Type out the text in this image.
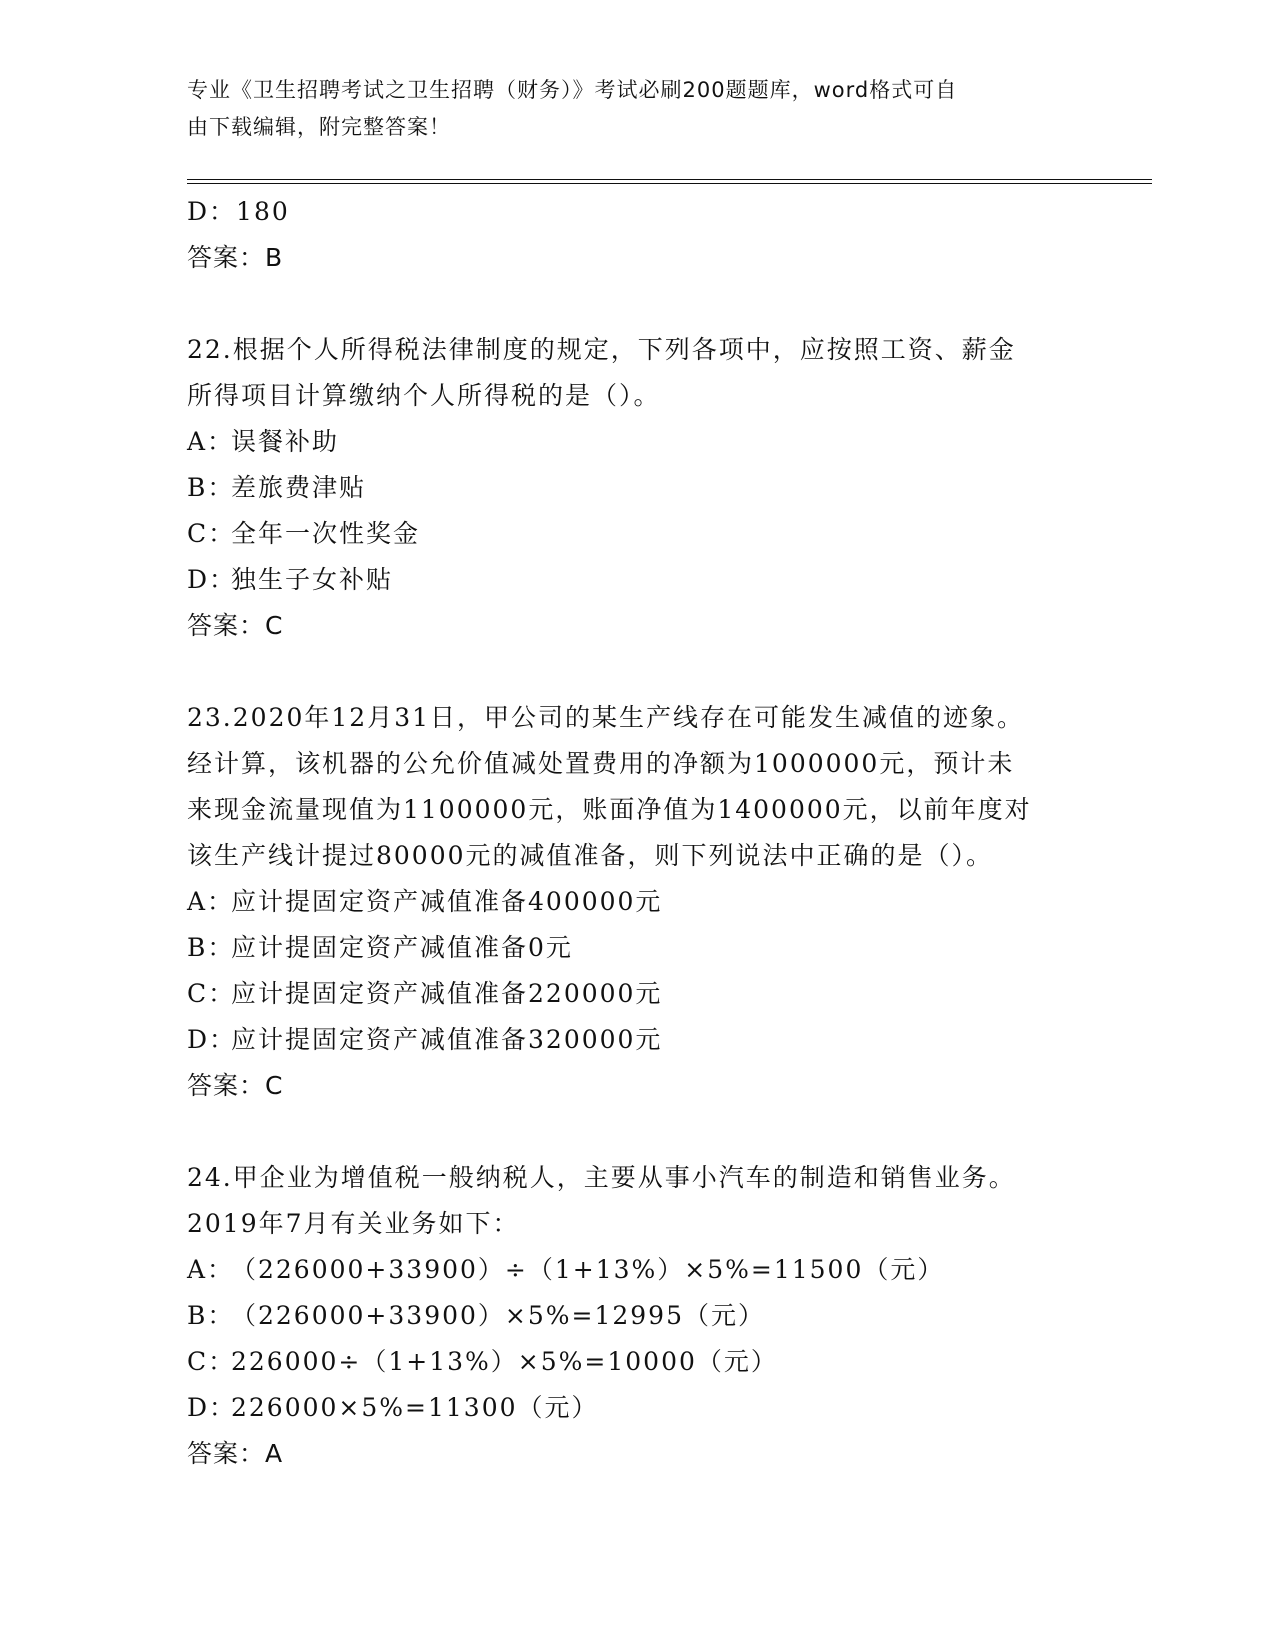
专业《卫生招聘考试之卫生招聘（财务）》考试必刷200题题库，word格式可自
由下载编辑，附完整答案！
D：180
答案：B
22.根据个人所得税法律制度的规定，下列各项中，应按照工资、薪金
所得项目计算缴纳个人所得税的是（）。
A：误餐补助
B：差旅费津贴
C：全年一次性奖金
D：独生子女补贴
答案：C
23.2020年12月31日，甲公司的某生产线存在可能发生减值的迹象。
经计算，该机器的公允价值减处置费用的净额为1000000元，预计未
来现金流量现值为1100000元，账面净值为1400000元，以前年度对
该生产线计提过80000元的减值准备，则下列说法中正确的是（）。
A：应计提固定资产减值准备400000元
B：应计提固定资产减值准备0元
C：应计提固定资产减值准备220000元
D：应计提固定资产减值准备320000元
答案：C
24.甲企业为增值税一般纳税人，主要从事小汽车的制造和销售业务。
2019年7月有关业务如下：
A：（226000+33900）÷（1+13%）×5%=11500（元）
B：（226000+33900）×5%=12995（元）
C：226000÷（1+13%）×5%=10000（元）
D：226000×5%=11300（元）
答案：A
